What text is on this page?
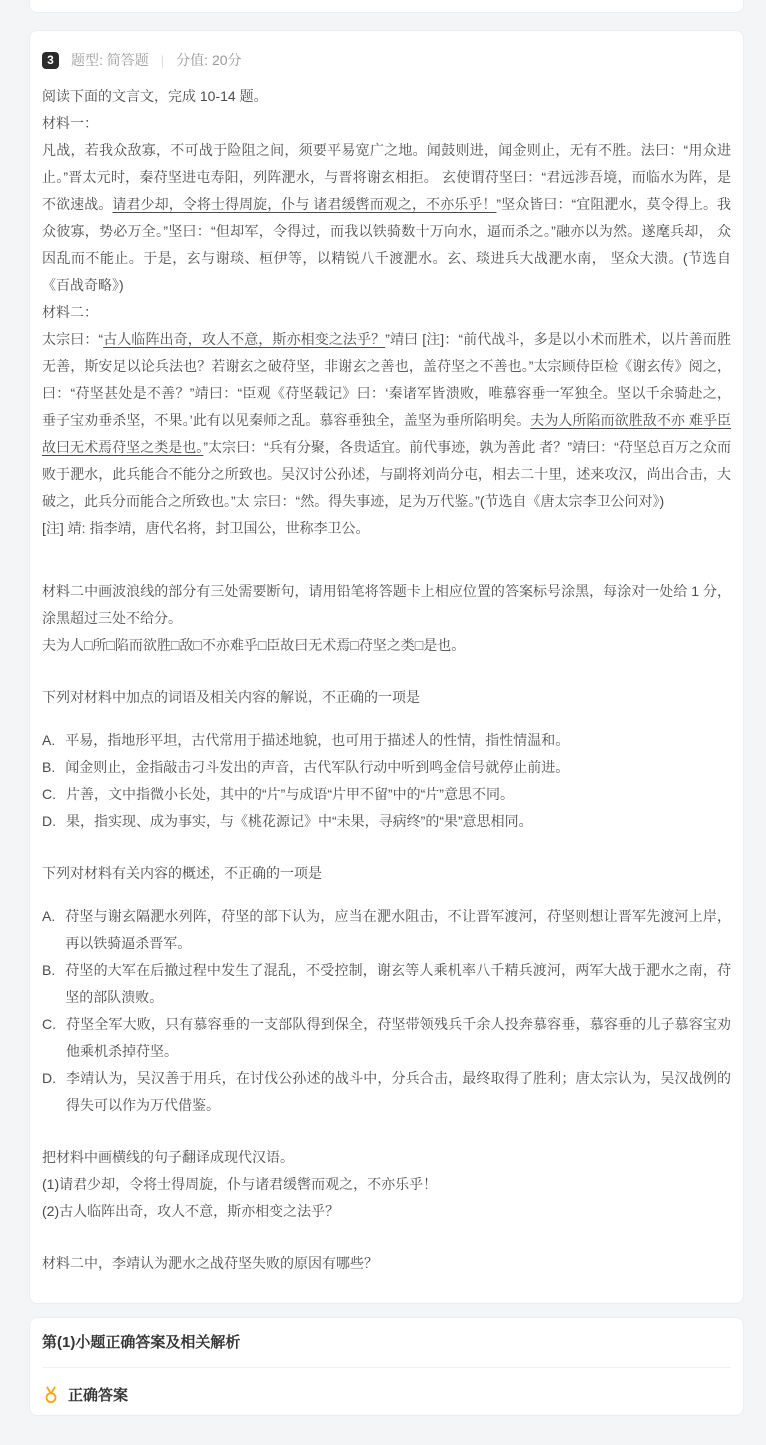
3	题型: 简答题 | 分值: 20分

阅读下面的文言文，完成 10-14 题。

材料一：

凡战，若我众敌寡，不可战于险阻之间，须要平易宽广之地。闻鼓则进，闻金则止，无有不胜。法曰：“用众进止。”晋太元时，秦苻坚进屯寿阳，列阵淝水，与晋将谢玄相拒。 玄使谓苻坚曰：“君远涉吾境，而临水为阵，是不欲速战。请君少却，令将士得周旋，仆与 诸君缓辔而观之，不亦乐乎！”坚众皆曰：“宜阻淝水，莫令得上。我众彼寡，势必万全。”坚曰：“但却军，令得过，而我以铁骑数十万向水，逼而杀之。”融亦以为然。遂麾兵却， 众因乱而不能止。于是，玄与谢琰、桓伊等，以精锐八千渡淝水。玄、琰进兵大战淝水南， 坚众大溃。(节选自《百战奇略》)

材料二：

太宗曰：“古人临阵出奇，攻人不意，斯亦相变之法乎？”靖曰 [注]：“前代战斗，多是以小术而胜术，以片善而胜无善，斯安足以论兵法也？若谢玄之破苻坚，非谢玄之善也，盖苻坚之不善也。”太宗顾侍臣检《谢玄传》阅之，曰：“苻坚甚处是不善？”靖曰：“臣观《苻坚载记》曰：‘秦诸军皆溃败，唯慕容垂一军独全。坚以千余骑赴之，垂子宝劝垂杀坚，不果。’此有以见秦师之乱。慕容垂独全，盖坚为垂所陷明矣。夫为人所陷而欲胜敌不亦 难乎臣故曰无术焉苻坚之类是也。”太宗曰：“兵有分聚，各贵适宜。前代事迹，孰为善此 者？”靖曰：“苻坚总百万之众而败于淝水，此兵能合不能分之所致也。吴汉讨公孙述，与副将刘尚分屯，相去二十里，述来攻汉，尚出合击，大破之，此兵分而能合之所致也。”太 宗曰：“然。得失事迹，足为万代鉴。”(节选自《唐太宗李卫公问对》)

[注] 靖: 指李靖，唐代名将，封卫国公，世称李卫公。

材料二中画波浪线的部分有三处需要断句，请用铅笔将答题卡上相应位置的答案标号涂黑，每涂对一处给 1 分，涂黑超过三处不给分。

夫为人□所□陷而欲胜□敌□不亦难乎□臣故曰无术焉□苻坚之类□是也。

下列对材料中加点的词语及相关内容的解说，不正确的一项是

A. 平易，指地形平坦，古代常用于描述地貌，也可用于描述人的性情，指性情温和。

B. 闻金则止，金指敲击刁斗发出的声音，古代军队行动中听到鸣金信号就停止前进。

C. 片善，文中指微小长处，其中的“片”与成语“片甲不留”中的“片”意思不同。

D. 果，指实现、成为事实，与《桃花源记》中“未果，寻病终”的“果”意思相同。

下列对材料有关内容的概述，不正确的一项是

A. 苻坚与谢玄隔淝水列阵，苻坚的部下认为，应当在淝水阻击，不让晋军渡河，苻坚则想让晋军先渡河上岸，再以铁骑逼杀晋军。

B. 苻坚的大军在后撤过程中发生了混乱，不受控制，谢玄等人乘机率八千精兵渡河，两军大战于淝水之南，苻坚的部队溃败。

C. 苻坚全军大败，只有慕容垂的一支部队得到保全，苻坚带领残兵千余人投奔慕容垂，慕容垂的儿子慕容宝劝他乘机杀掉苻坚。

D. 李靖认为，吴汉善于用兵，在讨伐公孙述的战斗中，分兵合击，最终取得了胜利；唐太宗认为，吴汉战例的得失可以作为万代借鉴。

把材料中画横线的句子翻译成现代汉语。

(1)请君少却，令将士得周旋，仆与诸君缓辔而观之，不亦乐乎！

(2)古人临阵出奇，攻人不意，斯亦相变之法乎？

材料二中，李靖认为淝水之战苻坚失败的原因有哪些？

第(1)小题正确答案及相关解析
正确答案
